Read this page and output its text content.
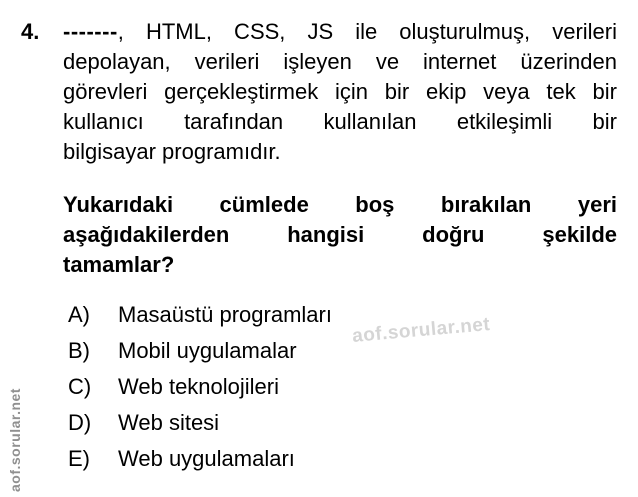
4. -------, HTML, CSS, JS ile oluşturulmuş, verileri
depolayan, verileri işleyen ve internet üzerinden
görevleri gerçekleştirmek için bir ekip veya tek bir
kullanıcı tarafından kullanılan etkileşimli bir
bilgisayar programıdır.
Yukarıdaki cümlede boş bırakılan yeri
aşağıdakilerden hangisi doğru şekilde
tamamlar?
A)	Masaüstü programları
B)	Mobil uygulamalar
C)	Web teknolojileri
D)	Web sitesi
E)	Web uygulamaları
aof.sorular.net
aof.sorular.net
